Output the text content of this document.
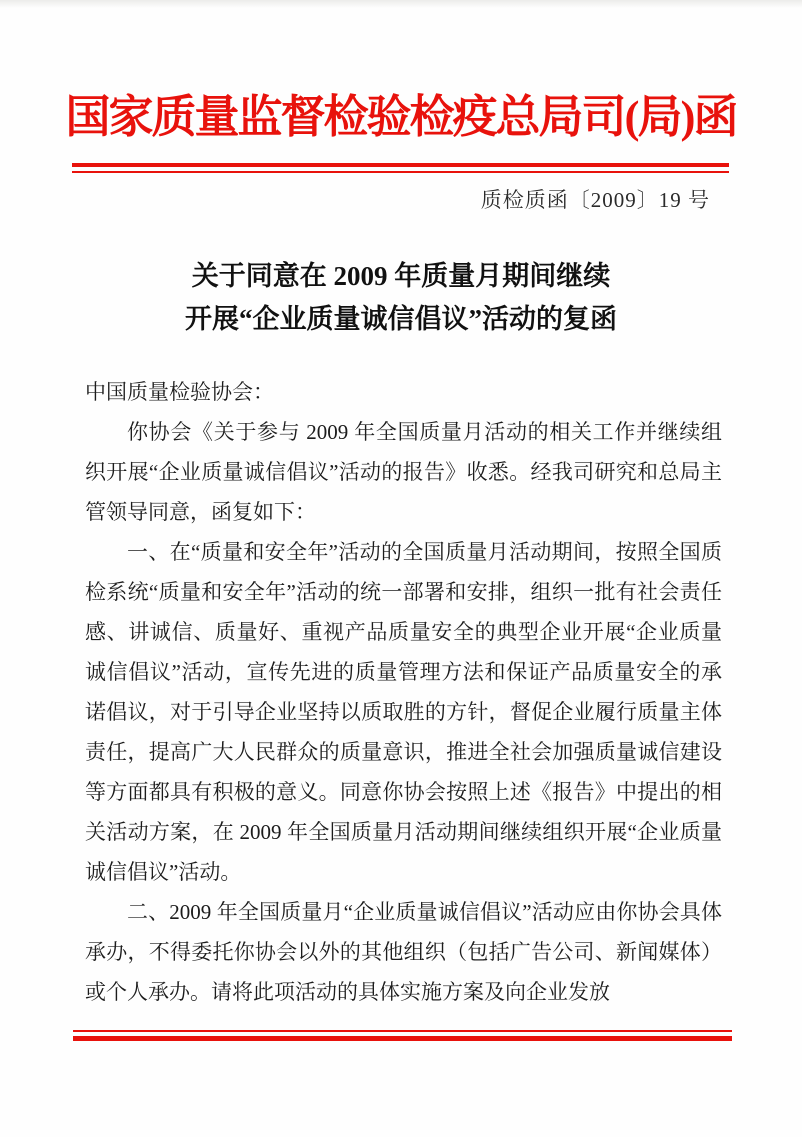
国家质量监督检验检疫总局司(局)函
质检质函〔2009〕19 号
关于同意在 2009 年质量月期间继续
开展“企业质量诚信倡议”活动的复函

中国质量检验协会：

你协会《关于参与 2009 年全国质量月活动的相关工作并继续组织开展“企业质量诚信倡议”活动的报告》收悉。经我司研究和总局主管领导同意，函复如下：

一、在“质量和安全年”活动的全国质量月活动期间，按照全国质检系统“质量和安全年”活动的统一部署和安排，组织一批有社会责任感、讲诚信、质量好、重视产品质量安全的典型企业开展“企业质量诚信倡议”活动，宣传先进的质量管理方法和保证产品质量安全的承诺倡议，对于引导企业坚持以质取胜的方针，督促企业履行质量主体责任，提高广大人民群众的质量意识，推进全社会加强质量诚信建设等方面都具有积极的意义。同意你协会按照上述《报告》中提出的相关活动方案，在 2009 年全国质量月活动期间继续组织开展“企业质量诚信倡议”活动。

二、2009 年全国质量月“企业质量诚信倡议”活动应由你协会具体承办，不得委托你协会以外的其他组织（包括广告公司、新闻媒体）或个人承办。请将此项活动的具体实施方案及向企业发放
